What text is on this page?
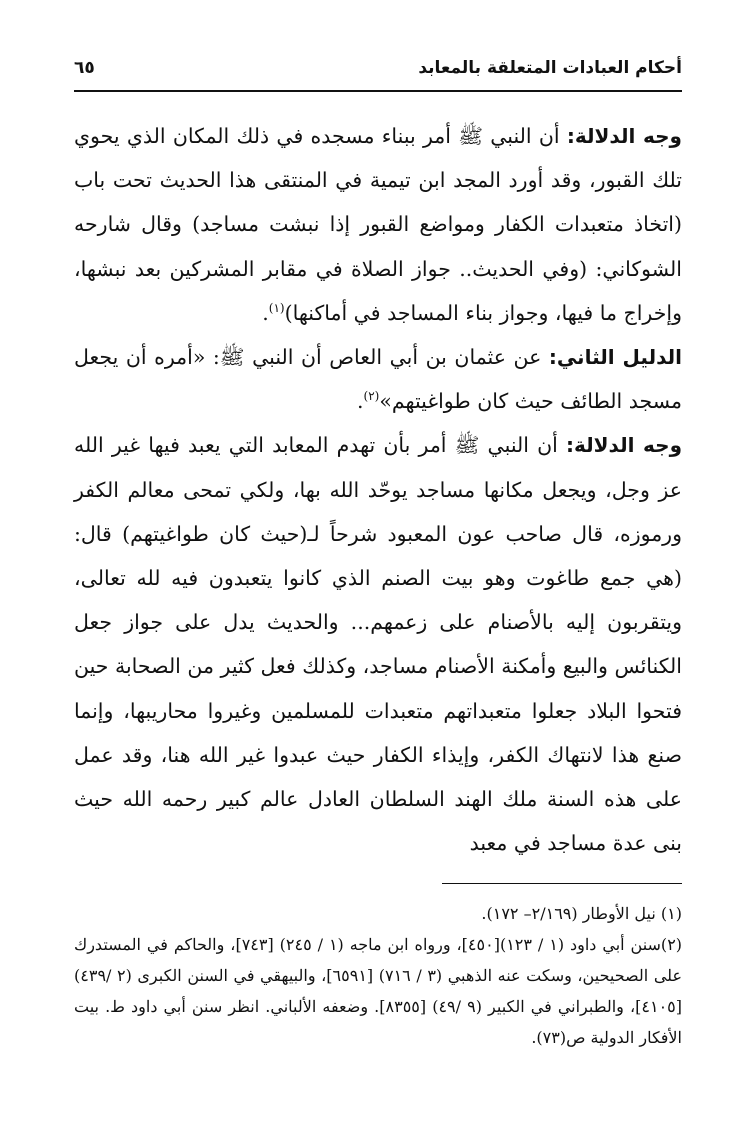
أحكام العبادات المتعلقة بالمعابد
٦٥

وجه الدلالة: أن النبي ﷺ أمر ببناء مسجده في ذلك المكان الذي يحوي تلك القبور، وقد أورد المجد ابن تيمية في المنتقى هذا الحديث تحت باب (اتخاذ متعبدات الكفار ومواضع القبور إذا نبشت مساجد) وقال شارحه الشوكاني: (وفي الحديث.. جواز الصلاة في مقابر المشركين بعد نبشها، وإخراج ما فيها، وجواز بناء المساجد في أماكنها)$^{(١)}$.

الدليل الثاني: عن عثمان بن أبي العاص أن النبي ﷺ: «أمره أن يجعل مسجد الطائف حيث كان طواغيتهم»$^{(٢)}$.

وجه الدلالة: أن النبي ﷺ أمر بأن تهدم المعابد التي يعبد فيها غير الله عز وجل، ويجعل مكانها مساجد يوحّد الله بها، ولكي تمحى معالم الكفر ورموزه، قال صاحب عون المعبود شرحاً لـ(حيث كان طواغيتهم) قال: (هي جمع طاغوت وهو بيت الصنم الذي كانوا يتعبدون فيه لله تعالى، ويتقربون إليه بالأصنام على زعمهم... والحديث يدل على جواز جعل الكنائس والبيع وأمكنة الأصنام مساجد، وكذلك فعل كثير من الصحابة حين فتحوا البلاد جعلوا متعبداتهم متعبدات للمسلمين وغيروا محاريبها، وإنما صنع هذا لانتهاك الكفر، وإيذاء الكفار حيث عبدوا غير الله هنا، وقد عمل على هذه السنة ملك الهند السلطان العادل عالم كبير رحمه الله حيث بنى عدة مساجد في معبد

(١) نيل الأوطار (٢/١٦٩– ١٧٢).

(٢)سنن أبي داود (١ / ١٢٣)[٤٥٠]، ورواه ابن ماجه (١ / ٢٤٥) [٧٤٣]، والحاكم في المستدرك على الصحيحين، وسكت عنه الذهبي (٣ / ٧١٦) [٦٥٩١]، والبيهقي في السنن الكبرى (٢ /٤٣٩) [٤١٠٥]، والطبراني في الكبير (٩ /٤٩) [٨٣٥٥]. وضعفه الألباني. انظر سنن أبي داود ط. بيت الأفكار الدولية ص(٧٣).
